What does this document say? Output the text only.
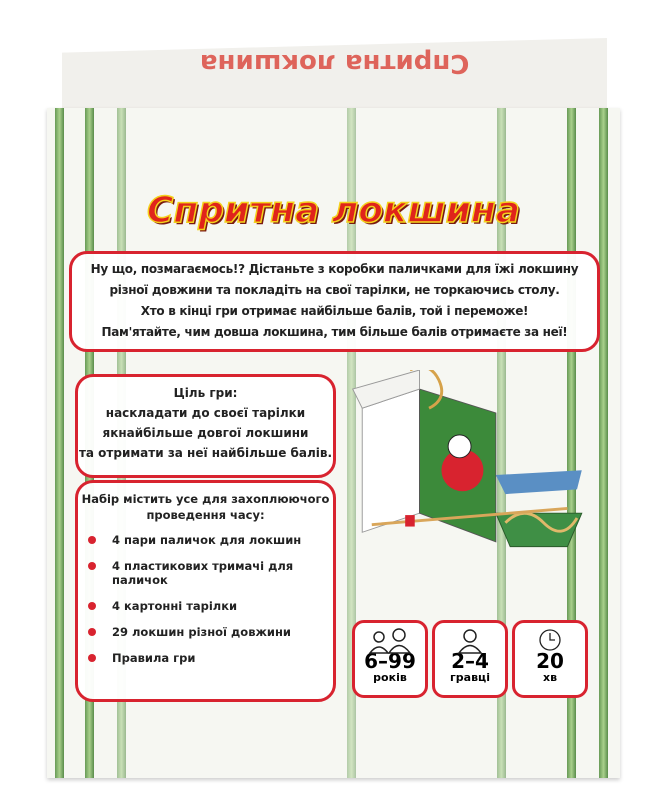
Спритна локшина
Спритна локшина
Ну що, позмагаємось!? Дістаньте з коробки паличками для їжі локшину
різної довжини та покладіть на свої тарілки, не торкаючись столу.
Хто в кінці гри отримає найбільше балів, той і переможе!
Пам'ятайте, чим довша локшина, тим більше балів отримаєте за неї!
Ціль гри:
наскладати до своєї тарілки
якнайбільше довгої локшини
та отримати за неї найбільше балів.
Набір містить усе для захоплюючого проведення часу:
4 пари паличок для локшин
4 пластикових тримачі для паличок
4 картонні тарілки
29 локшин різної довжини
Правила гри	6–99
років
2–4
гравці
20
хв
